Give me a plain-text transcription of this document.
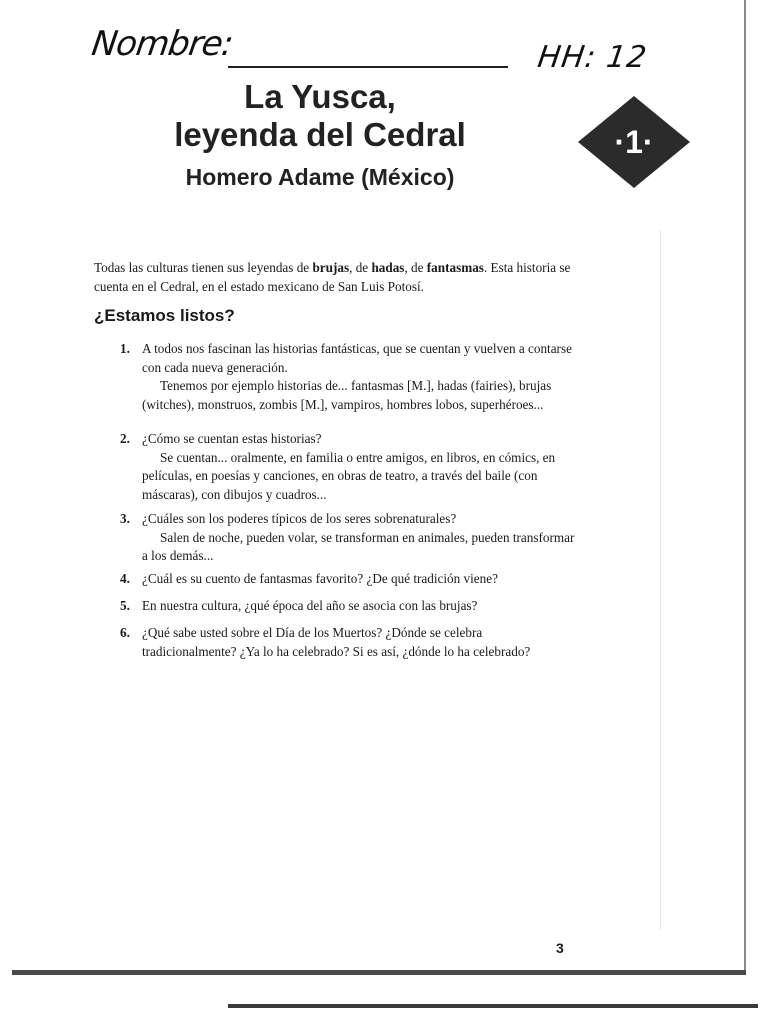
Nombre:	HH: 12
La Yusca,
leyenda del Cedral
Homero Adame (México)
·1·
Todas las culturas tienen sus leyendas de brujas, de hadas, de fantasmas. Esta historia se cuenta en el Cedral, en el estado mexicano de San Luis Potosí.
¿Estamos listos?
1. A todos nos fascinan las historias fantásticas, que se cuentan y vuelven a contarse con cada nueva generación.
Tenemos por ejemplo historias de... fantasmas [M.], hadas (fairies), brujas (witches), monstruos, zombis [M.], vampiros, hombres lobos, superhéroes...
2. ¿Cómo se cuentan estas historias?
Se cuentan... oralmente, en familia o entre amigos, en libros, en cómics, en películas, en poesías y canciones, en obras de teatro, a través del baile (con máscaras), con dibujos y cuadros...
3. ¿Cuáles son los poderes típicos de los seres sobrenaturales?
Salen de noche, pueden volar, se transforman en animales, pueden transformar a los demás...
4. ¿Cuál es su cuento de fantasmas favorito? ¿De qué tradición viene?
5. En nuestra cultura, ¿qué época del año se asocia con las brujas?
6. ¿Qué sabe usted sobre el Día de los Muertos? ¿Dónde se celebra tradicionalmente? ¿Ya lo ha celebrado? Si es así, ¿dónde lo ha celebrado?
3
